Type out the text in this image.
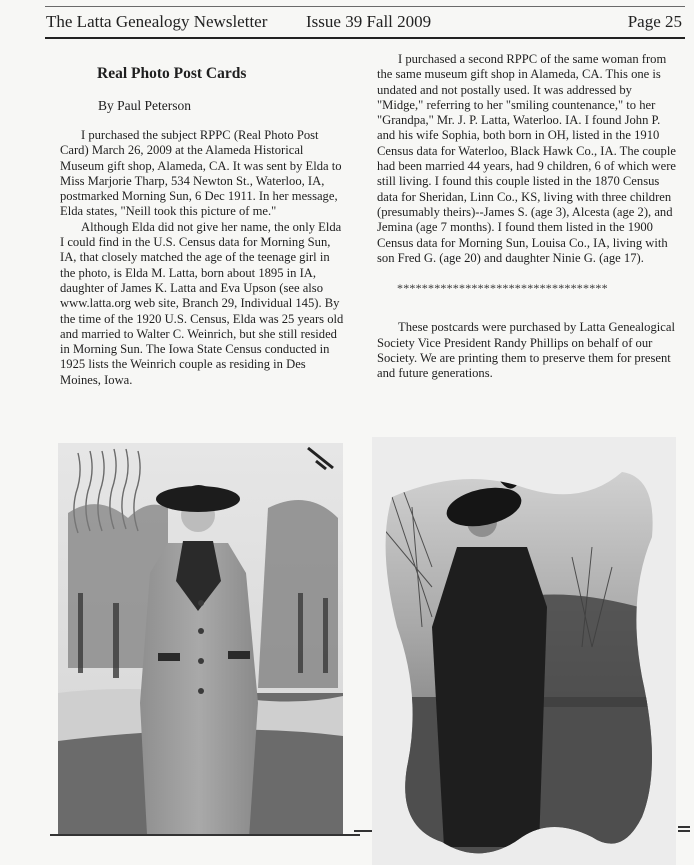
The Latta Genealogy Newsletter Issue 39 Fall 2009	Page 25

Real Photo Post Cards

By Paul Peterson

I purchased the subject RPPC (Real Photo Post Card) March 26, 2009 at the Alameda Historical Museum gift shop, Alameda, CA. It was sent by Elda to Miss Marjorie Tharp, 534 Newton St., Waterloo, IA, postmarked Morning Sun, 6 Dec 1911. In her message, Elda states, "Neill took this picture of me."

Although Elda did not give her name, the only Elda I could find in the U.S. Census data for Morning Sun, IA, that closely matched the age of the teenage girl in the photo, is Elda M. Latta, born about 1895 in IA, daughter of James K. Latta and Eva Upson (see also www.latta.org web site, Branch 29, Individual 145). By the time of the 1920 U.S. Census, Elda was 25 years old and married to Walter C. Weinrich, but she still resided in Morning Sun. The Iowa State Census conducted in 1925 lists the Weinrich couple as residing in Des Moines, Iowa.

I purchased a second RPPC of the same woman from the same museum gift shop in Alameda, CA. This one is undated and not postally used. It was addressed by "Midge," referring to her "smiling countenance," to her "Grandpa," Mr. J. P. Latta, Waterloo. IA. I found John P. and his wife Sophia, both born in OH, listed in the 1910 Census data for Waterloo, Black Hawk Co., IA. The couple had been married 44 years, had 9 children, 6 of which were still living. I found this couple listed in the 1870 Census data for Sheridan, Linn Co., KS, living with three children (presumably theirs)--James S. (age 3), Alcesta (age 2), and Jemina (age 7 months). I found them listed in the 1900 Census data for Morning Sun, Louisa Co., IA, living with son Fred G. (age 20) and daughter Ninie G. (age 17).

**********************************

These postcards were purchased by Latta Genealogical Society Vice President Randy Phillips on behalf of our Society. We are printing them to preserve them for present and future generations.
